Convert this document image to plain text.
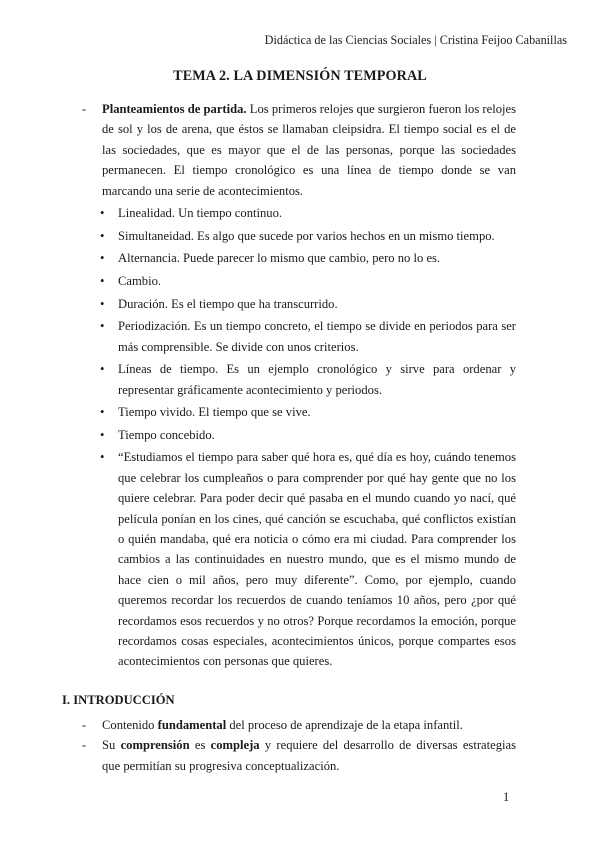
Didáctica de las Ciencias Sociales | Cristina Feijoo Cabanillas
TEMA 2. LA DIMENSIÓN TEMPORAL
-	Planteamientos de partida. Los primeros relojes que surgieron fueron los relojes de sol y los de arena, que éstos se llamaban cleipsidra. El tiempo social es el de las sociedades, que es mayor que el de las personas, porque las sociedades permanecen. El tiempo cronológico es una línea de tiempo donde se van marcando una serie de acontecimientos.
• Linealidad. Un tiempo continuo.
• Simultaneidad. Es algo que sucede por varios hechos en un mismo tiempo.
• Alternancia. Puede parecer lo mismo que cambio, pero no lo es.
• Cambio.
• Duración. Es el tiempo que ha transcurrido.
• Periodización. Es un tiempo concreto, el tiempo se divide en periodos para ser más comprensible. Se divide con unos criterios.
• Líneas de tiempo. Es un ejemplo cronológico y sirve para ordenar y representar gráficamente acontecimiento y periodos.
• Tiempo vivido. El tiempo que se vive.
• Tiempo concebido.
• “Estudiamos el tiempo para saber qué hora es, qué día es hoy, cuándo tenemos que celebrar los cumpleaños o para comprender por qué hay gente que no los quiere celebrar. Para poder decir qué pasaba en el mundo cuando yo nací, qué película ponían en los cines, qué canción se escuchaba, qué conflictos existían o quién mandaba, qué era noticia o cómo era mi ciudad. Para comprender los cambios a las continuidades en nuestro mundo, que es el mismo mundo de hace cien o mil años, pero muy diferente”. Como, por ejemplo, cuando queremos recordar los recuerdos de cuando teníamos 10 años, pero ¿por qué recordamos esos recuerdos y no otros? Porque recordamos la emoción, porque recordamos cosas especiales, acontecimientos únicos, porque compartes esos acontecimientos con personas que quieres.
I. INTRODUCCIÓN
- Contenido fundamental del proceso de aprendizaje de la etapa infantil.
- Su comprensión es compleja y requiere del desarrollo de diversas estrategias que permitían su progresiva conceptualización.
1
